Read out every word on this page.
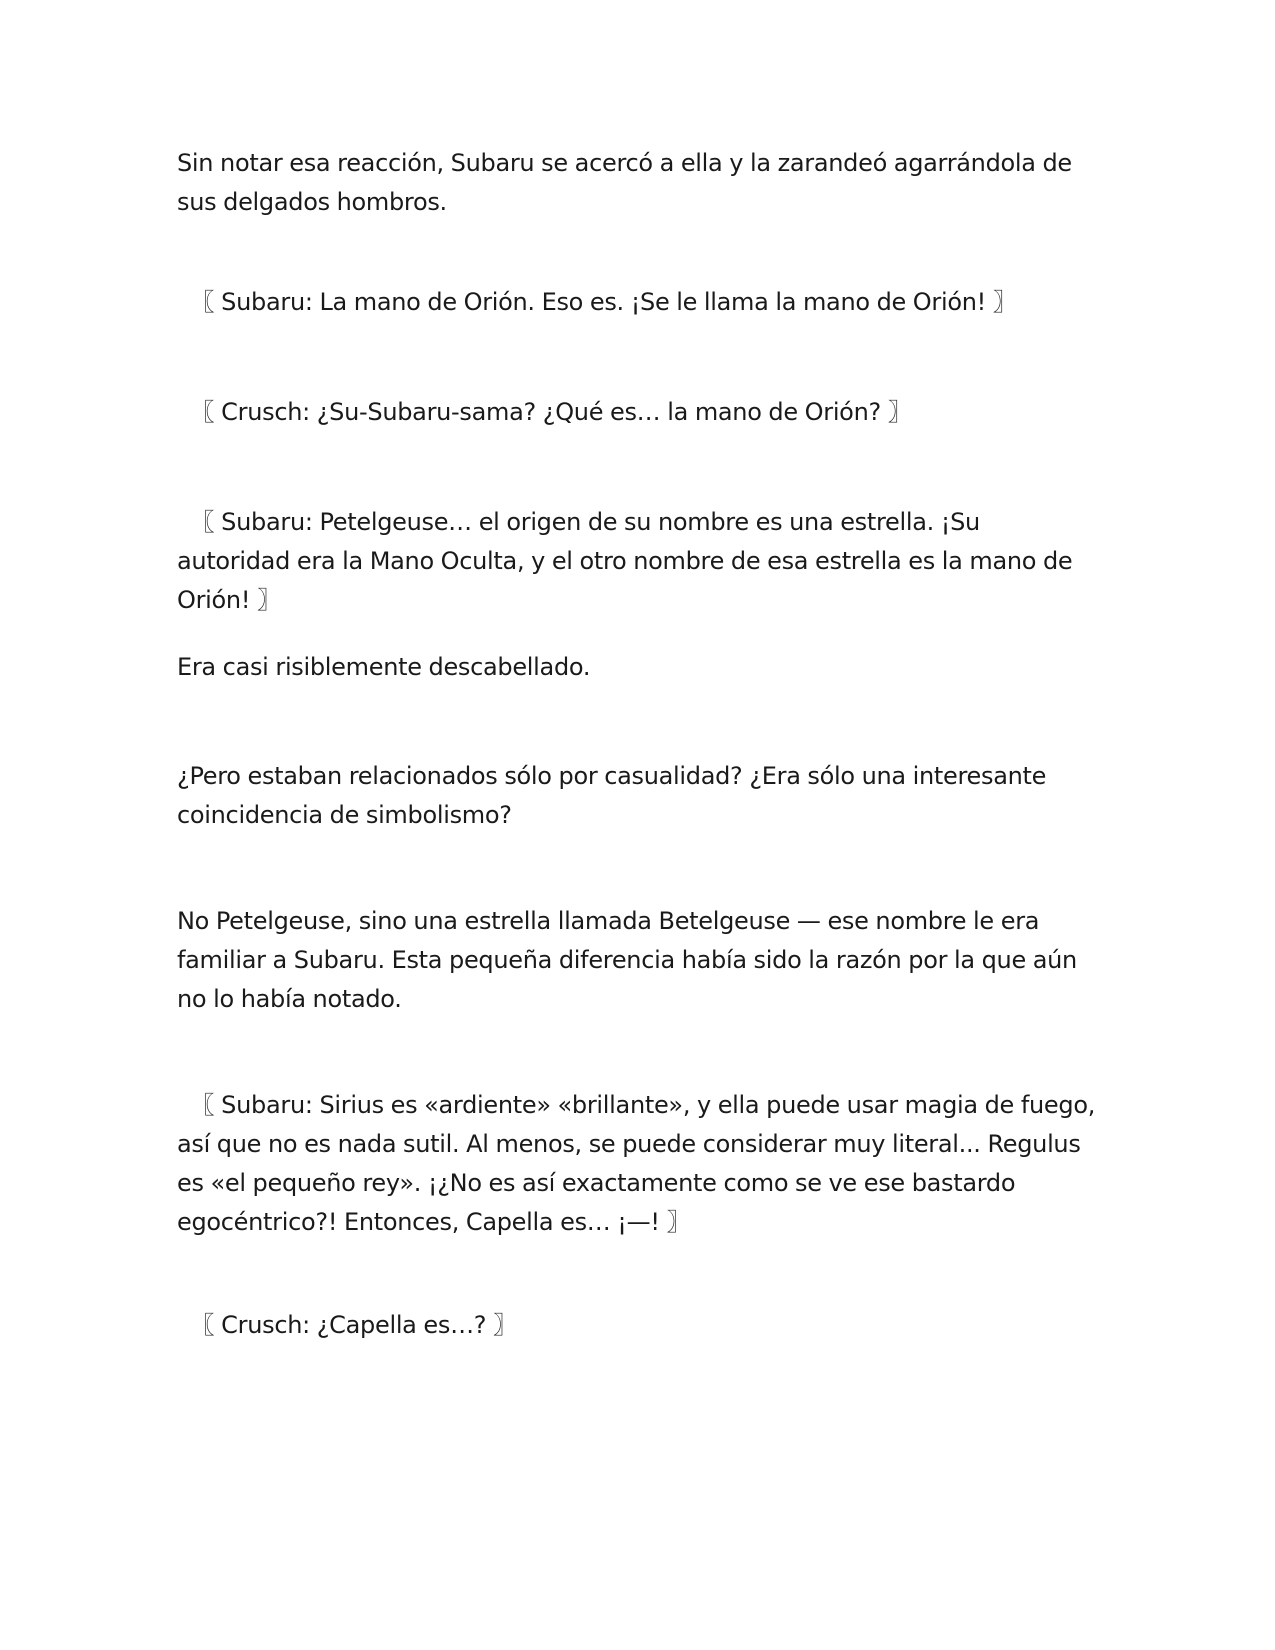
Sin notar esa reacción, Subaru se acercó a ella y la zarandeó agarrándola de sus delgados hombros.

〖 Subaru: La mano de Orión. Eso es. ¡Se le llama la mano de Orión! 〗

〖 Crusch: ¿Su-Subaru-sama? ¿Qué es… la mano de Orión? 〗

〖 Subaru: Petelgeuse… el origen de su nombre es una estrella. ¡Su autoridad era la Mano Oculta, y el otro nombre de esa estrella es la mano de Orión! 〗

Era casi risiblemente descabellado.

¿Pero estaban relacionados sólo por casualidad? ¿Era sólo una interesante coincidencia de simbolismo?

No Petelgeuse, sino una estrella llamada Betelgeuse — ese nombre le era familiar a Subaru. Esta pequeña diferencia había sido la razón por la que aún no lo había notado.

〖 Subaru: Sirius es «ardiente» «brillante», y ella puede usar magia de fuego, así que no es nada sutil. Al menos, se puede considerar muy literal... Regulus es «el pequeño rey». ¡¿No es así exactamente como se ve ese bastardo egocéntrico?! Entonces, Capella es… ¡—! 〗

〖 Crusch: ¿Capella es…? 〗
